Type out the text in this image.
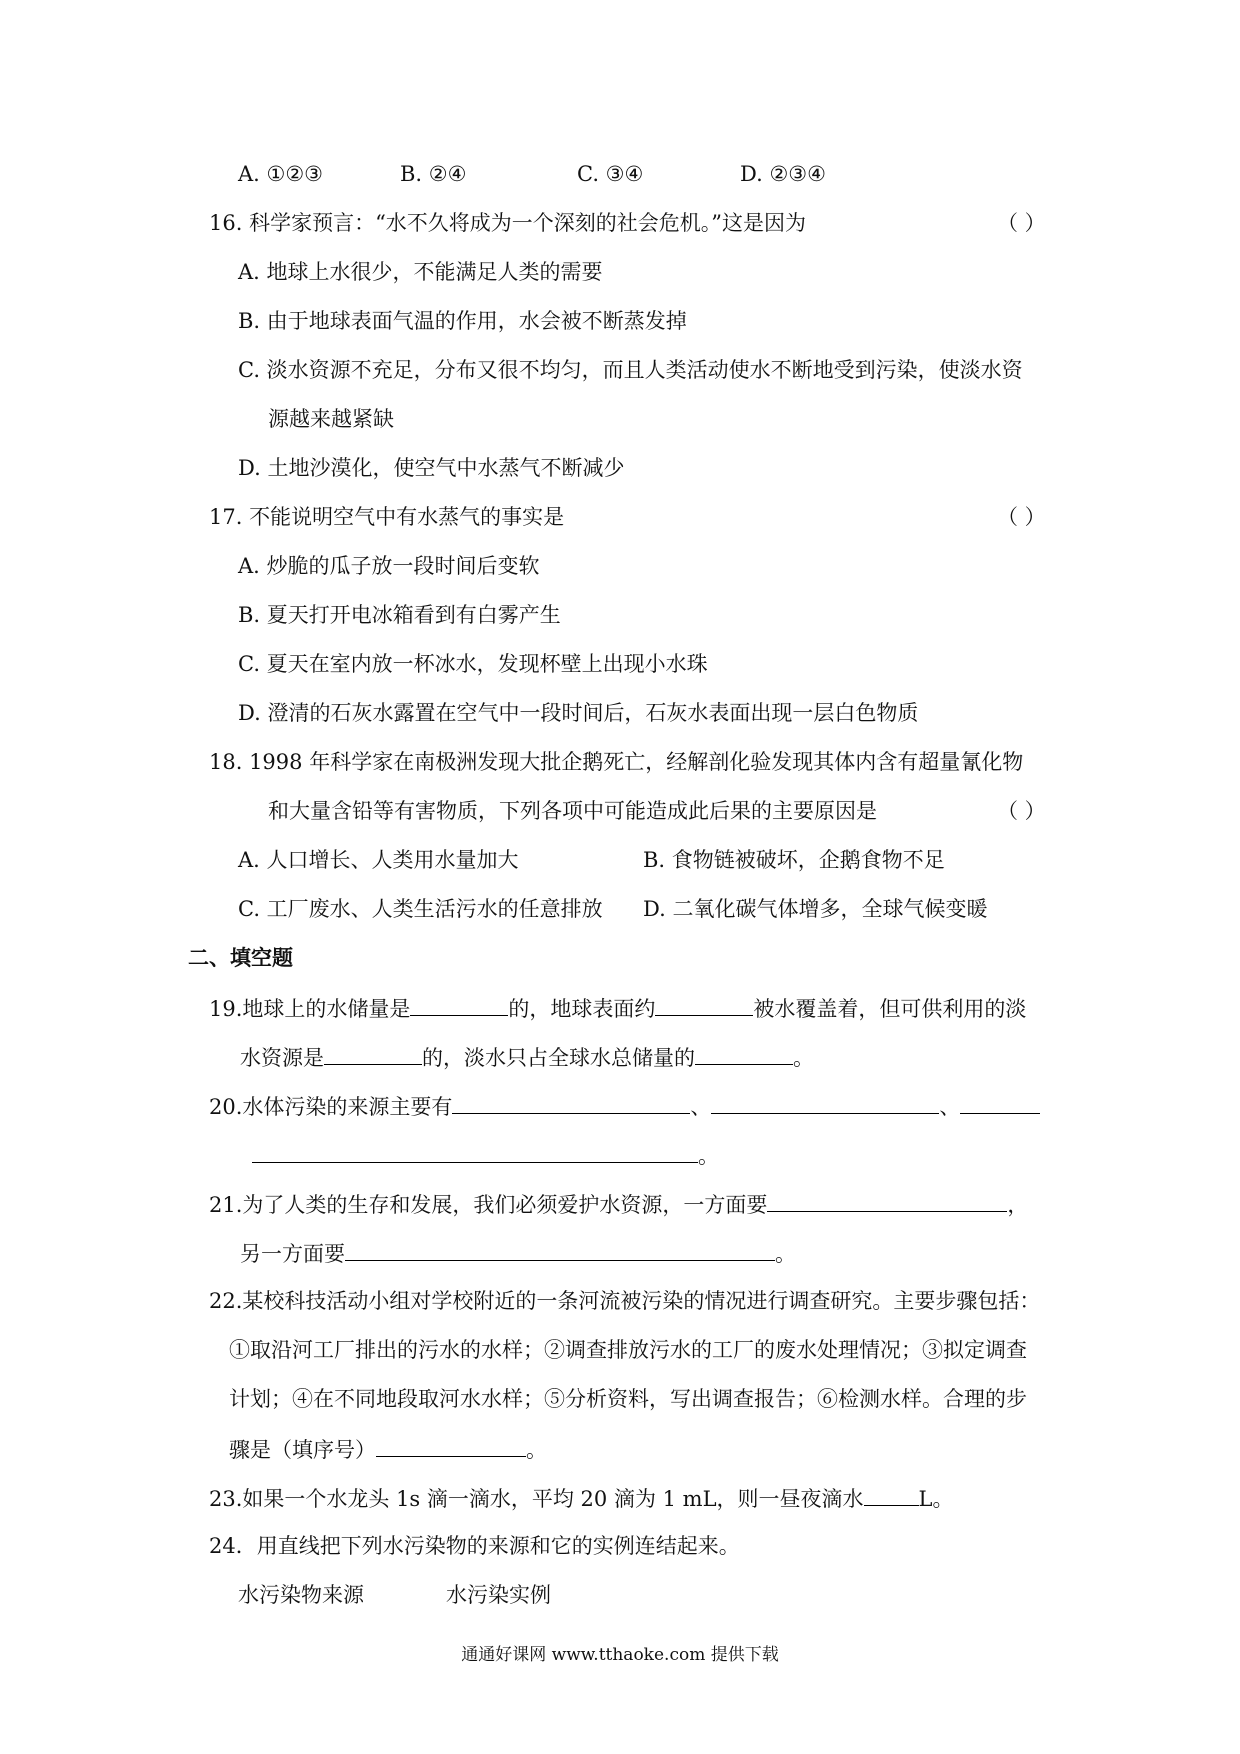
A. ①②③	B. ②④	C. ③④	D. ②③④
16. 科学家预言：“水不久将成为一个深刻的社会危机。”这是因为	（ ）
A. 地球上水很少，不能满足人类的需要
B. 由于地球表面气温的作用，水会被不断蒸发掉
C. 淡水资源不充足，分布又很不均匀，而且人类活动使水不断地受到污染，使淡水资
源越来越紧缺
D. 土地沙漠化，使空气中水蒸气不断减少
17. 不能说明空气中有水蒸气的事实是	（ ）
A. 炒脆的瓜子放一段时间后变软
B. 夏天打开电冰箱看到有白雾产生
C. 夏天在室内放一杯冰水，发现杯壁上出现小水珠
D. 澄清的石灰水露置在空气中一段时间后，石灰水表面出现一层白色物质
18. 1998 年科学家在南极洲发现大批企鹅死亡，经解剖化验发现其体内含有超量氰化物
和大量含铅等有害物质，下列各项中可能造成此后果的主要原因是	（ ）
A. 人口增长、人类用水量加大	B. 食物链被破坏，企鹅食物不足
C. 工厂废水、人类生活污水的任意排放 D. 二氧化碳气体增多，全球气候变暖
二、填空题
19.地球上的水储量是	的，地球表面约	被水覆盖着，但可供利用的淡
水资源是	的，淡水只占全球水总储量的	。
20.水体污染的来源主要有	、	、
。
21.为了人类的生存和发展，我们必须爱护水资源，一方面要	，
另一方面要	。
22.某校科技活动小组对学校附近的一条河流被污染的情况进行调查研究。主要步骤包括：
①取沿河工厂排出的污水的水样；②调查排放污水的工厂的废水处理情况；③拟定调查
计划；④在不同地段取河水水样；⑤分析资料，写出调查报告；⑥检测水样。合理的步
骤是（填序号）	。
23.如果一个水龙头 1s 滴一滴水，平均 20 滴为 1 mL，则一昼夜滴水	L。
24．用直线把下列水污染物的来源和它的实例连结起来。
水污染物来源	水污染实例
通通好课网 www.tthaoke.com 提供下载
